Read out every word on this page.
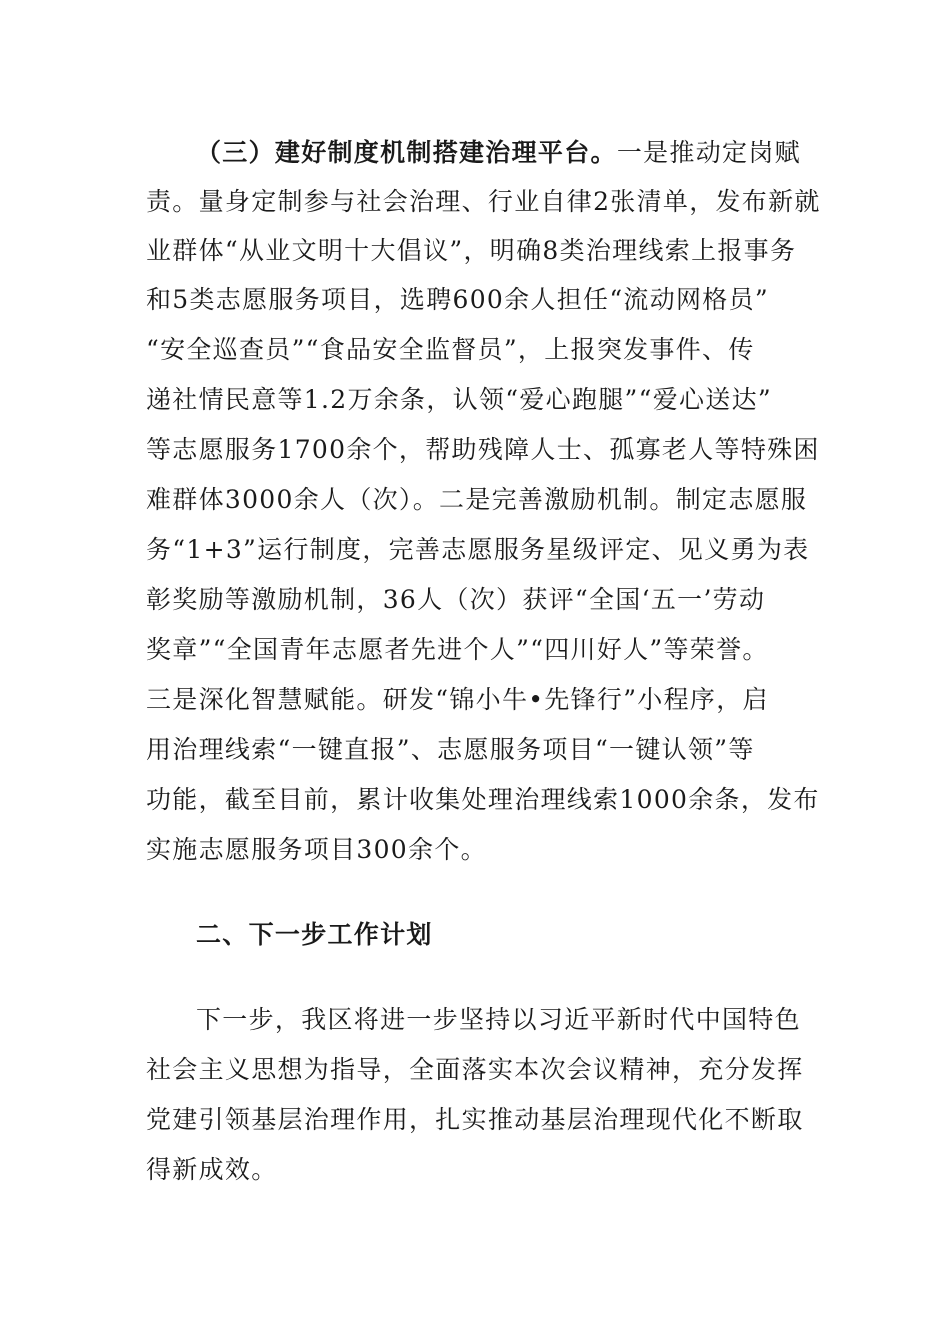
（三）建好制度机制搭建治理平台。一是推动定岗赋
责。量身定制参与社会治理、行业自律2张清单，发布新就
业群体“从业文明十大倡议”，明确8类治理线索上报事务
和5类志愿服务项目，选聘600余人担任“流动网格员”
“安全巡查员”“食品安全监督员”，上报突发事件、传
递社情民意等1.2万余条，认领“爱心跑腿”“爱心送达”
等志愿服务1700余个，帮助残障人士、孤寡老人等特殊困
难群体3000余人（次）。二是完善激励机制。制定志愿服
务“1+3”运行制度，完善志愿服务星级评定、见义勇为表
彰奖励等激励机制，36人（次）获评“全国‘五一’劳动
奖章”“全国青年志愿者先进个人”“四川好人”等荣誉。
三是深化智慧赋能。研发“锦小牛•先锋行”小程序，启
用治理线索“一键直报”、志愿服务项目“一键认领”等
功能，截至目前，累计收集处理治理线索1000余条，发布
实施志愿服务项目300余个。
二、下一步工作计划
下一步，我区将进一步坚持以习近平新时代中国特色
社会主义思想为指导，全面落实本次会议精神，充分发挥
党建引领基层治理作用，扎实推动基层治理现代化不断取
得新成效。
